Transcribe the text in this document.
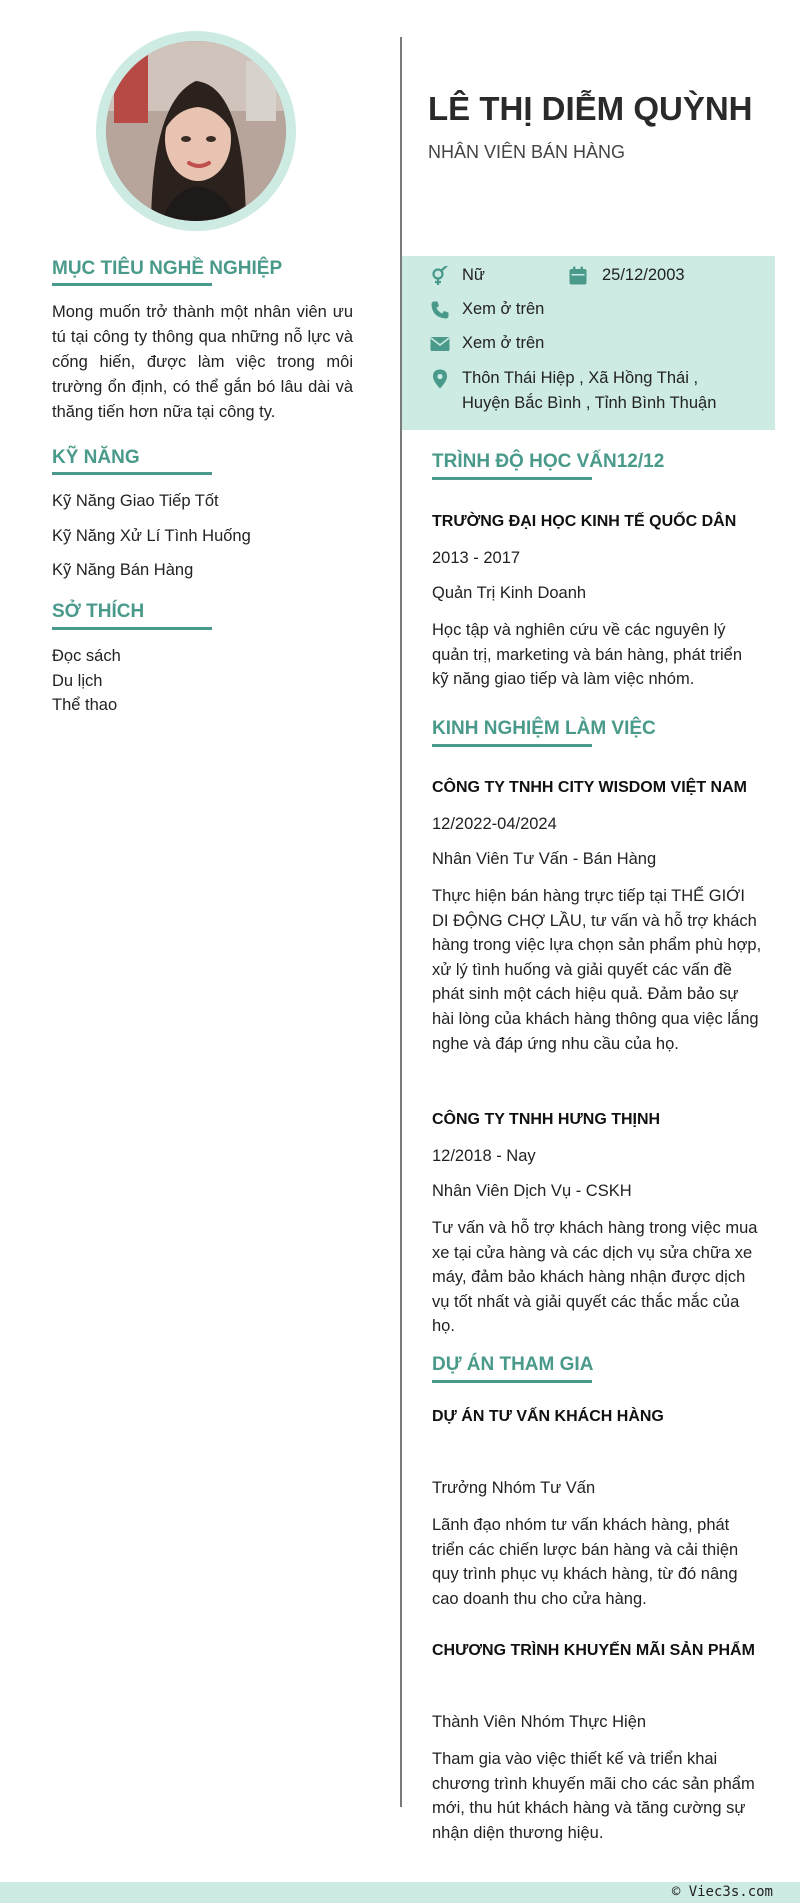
MỤC TIÊU NGHỀ NGHIỆP
Mong muốn trở thành một nhân viên ưu tú tại công ty thông qua những nỗ lực và cống hiến, được làm việc trong môi trường ổn định, có thể gắn bó lâu dài và thăng tiến hơn nữa tại công ty.
KỸ NĂNG
Kỹ Năng Giao Tiếp Tốt
Kỹ Năng Xử Lí Tình Huống
Kỹ Năng Bán Hàng
SỞ THÍCH
Đọc sách
Du lịch
Thể thao
LÊ THỊ DIỄM QUỲNH
NHÂN VIÊN BÁN HÀNG
Nữ	25/12/2003
Xem ở trên
Xem ở trên
Thôn Thái Hiệp , Xã Hồng Thái ,
Huyện Bắc Bình , Tỉnh Bình Thuận
TRÌNH ĐỘ HỌC VẤN12/12
TRƯỜNG ĐẠI HỌC KINH TẾ QUỐC DÂN
2013 - 2017
Quản Trị Kinh Doanh
Học tập và nghiên cứu về các nguyên lý quản trị, marketing và bán hàng, phát triển kỹ năng giao tiếp và làm việc nhóm.
KINH NGHIỆM LÀM VIỆC
CÔNG TY TNHH CITY WISDOM VIỆT NAM
12/2022-04/2024
Nhân Viên Tư Vấn - Bán Hàng
Thực hiện bán hàng trực tiếp tại THẾ GIỚI DI ĐỘNG CHỢ LẦU, tư vấn và hỗ trợ khách hàng trong việc lựa chọn sản phẩm phù hợp, xử lý tình huống và giải quyết các vấn đề phát sinh một cách hiệu quả. Đảm bảo sự hài lòng của khách hàng thông qua việc lắng nghe và đáp ứng nhu cầu của họ.
CÔNG TY TNHH HƯNG THỊNH
12/2018 - Nay
Nhân Viên Dịch Vụ - CSKH
Tư vấn và hỗ trợ khách hàng trong việc mua xe tại cửa hàng và các dịch vụ sửa chữa xe máy, đảm bảo khách hàng nhận được dịch vụ tốt nhất và giải quyết các thắc mắc của họ.
DỰ ÁN THAM GIA
DỰ ÁN TƯ VẤN KHÁCH HÀNG
Trưởng Nhóm Tư Vấn
Lãnh đạo nhóm tư vấn khách hàng, phát triển các chiến lược bán hàng và cải thiện quy trình phục vụ khách hàng, từ đó nâng cao doanh thu cho cửa hàng.
CHƯƠNG TRÌNH KHUYẾN MÃI SẢN PHẨM
Thành Viên Nhóm Thực Hiện
Tham gia vào việc thiết kế và triển khai chương trình khuyến mãi cho các sản phẩm mới, thu hút khách hàng và tăng cường sự nhận diện thương hiệu.
© Viec3s.com
